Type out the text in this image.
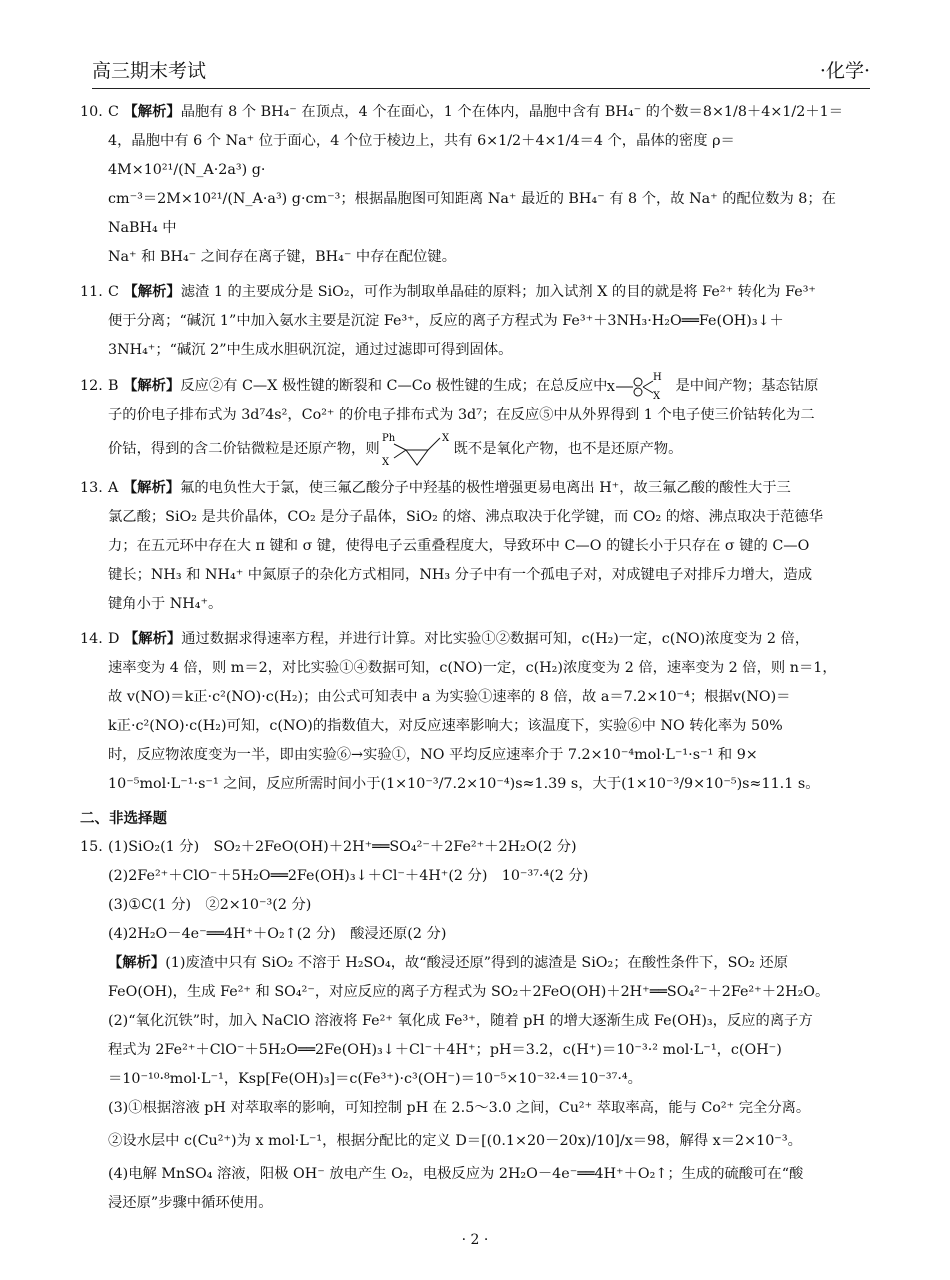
高三期末考试	·化学·
10. C 【解析】晶胞有 8 个 BH₄⁻ 在顶点，4 个在面心，1 个在体内，晶胞中含有 BH₄⁻ 的个数＝8×1/8＋4×1/2＋1＝
4，晶胞中有 6 个 Na⁺ 位于面心，4 个位于棱边上，共有 6×1/2＋4×1/4＝4 个，晶体的密度 ρ＝4M×10²¹/(N_A·2a³) g·
cm⁻³＝2M×10²¹/(N_A·a³) g·cm⁻³；根据晶胞图可知距离 Na⁺ 最近的 BH₄⁻ 有 8 个，故 Na⁺ 的配位数为 8；在 NaBH₄ 中
Na⁺ 和 BH₄⁻ 之间存在离子键，BH₄⁻ 中存在配位键。
11. C 【解析】滤渣 1 的主要成分是 SiO₂，可作为制取单晶硅的原料；加入试剂 X 的目的就是将 Fe²⁺ 转化为 Fe³⁺
便于分离；“碱沉 1”中加入氨水主要是沉淀 Fe³⁺，反应的离子方程式为 Fe³⁺＋3NH₃·H₂O══Fe(OH)₃↓＋
3NH₄⁺；“碱沉 2”中生成水胆矾沉淀，通过过滤即可得到固体。
12. B 【解析】反应②有 C—X 极性键的断裂和 C—Co 极性键的生成；在总反应中 X
H
X
是中间产物；基态钴原
子的价电子排布式为 3d⁷4s²，Co²⁺ 的价电子排布式为 3d⁷；在反应⑤中从外界得到 1 个电子使三价钴转化为二
价钴，得到的含二价钴微粒是还原产物，则
Ph
X
X
既不是氧化产物，也不是还原产物。
13. A 【解析】氟的电负性大于氯，使三氟乙酸分子中羟基的极性增强更易电离出 H⁺，故三氟乙酸的酸性大于三
氯乙酸；SiO₂ 是共价晶体，CO₂ 是分子晶体，SiO₂ 的熔、沸点取决于化学键，而 CO₂ 的熔、沸点取决于范德华
力；在五元环中存在大 π 键和 σ 键，使得电子云重叠程度大，导致环中 C—O 的键长小于只存在 σ 键的 C—O
键长；NH₃ 和 NH₄⁺ 中氮原子的杂化方式相同，NH₃ 分子中有一个孤电子对，对成键电子对排斥力增大，造成
键角小于 NH₄⁺。
14. D 【解析】通过数据求得速率方程，并进行计算。对比实验①②数据可知，c(H₂)一定，c(NO)浓度变为 2 倍，
速率变为 4 倍，则 m＝2，对比实验①④数据可知，c(NO)一定，c(H₂)浓度变为 2 倍，速率变为 2 倍，则 n＝1，
故 v(NO)＝k正·c²(NO)·c(H₂)；由公式可知表中 a 为实验①速率的 8 倍，故 a＝7.2×10⁻⁴；根据v(NO)＝
k正·c²(NO)·c(H₂)可知，c(NO)的指数值大，对反应速率影响大；该温度下，实验⑥中 NO 转化率为 50%
时，反应物浓度变为一半，即由实验⑥→实验①，NO 平均反应速率介于 7.2×10⁻⁴mol·L⁻¹·s⁻¹ 和 9×
10⁻⁵mol·L⁻¹·s⁻¹ 之间，反应所需时间小于(1×10⁻³/7.2×10⁻⁴)s≈1.39 s，大于(1×10⁻³/9×10⁻⁵)s≈11.1 s。
二、非选择题
15. (1)SiO₂(1 分)　SO₂＋2FeO(OH)＋2H⁺══SO₄²⁻＋2Fe²⁺＋2H₂O(2 分)
(2)2Fe²⁺＋ClO⁻＋5H₂O══2Fe(OH)₃↓＋Cl⁻＋4H⁺(2 分)　10⁻³⁷·⁴(2 分)
(3)①C(1 分)　②2×10⁻³(2 分)
(4)2H₂O－4e⁻══4H⁺＋O₂↑(2 分)　酸浸还原(2 分)

【解析】(1)废渣中只有 SiO₂ 不溶于 H₂SO₄，故“酸浸还原”得到的滤渣是 SiO₂；在酸性条件下，SO₂ 还原

FeO(OH)，生成 Fe²⁺ 和 SO₄²⁻，对应反应的离子方程式为 SO₂＋2FeO(OH)＋2H⁺══SO₄²⁻＋2Fe²⁺＋2H₂O。

(2)“氧化沉铁”时，加入 NaClO 溶液将 Fe²⁺ 氧化成 Fe³⁺，随着 pH 的增大逐渐生成 Fe(OH)₃，反应的离子方

程式为 2Fe²⁺＋ClO⁻＋5H₂O══2Fe(OH)₃↓＋Cl⁻＋4H⁺；pH＝3.2，c(H⁺)＝10⁻³·² mol·L⁻¹，c(OH⁻)

＝10⁻¹⁰·⁸mol·L⁻¹，Ksp[Fe(OH)₃]＝c(Fe³⁺)·c³(OH⁻)＝10⁻⁵×10⁻³²·⁴＝10⁻³⁷·⁴。

(3)①根据溶液 pH 对萃取率的影响，可知控制 pH 在 2.5～3.0 之间，Cu²⁺ 萃取率高，能与 Co²⁺ 完全分离。

②设水层中 c(Cu²⁺)为 x mol·L⁻¹，根据分配比的定义 D＝[(0.1×20－20x)/10]/x＝98，解得 x＝2×10⁻³。

(4)电解 MnSO₄ 溶液，阳极 OH⁻ 放电产生 O₂，电极反应为 2H₂O－4e⁻══4H⁺＋O₂↑；生成的硫酸可在“酸

浸还原”步骤中循环使用。

· 2 ·
